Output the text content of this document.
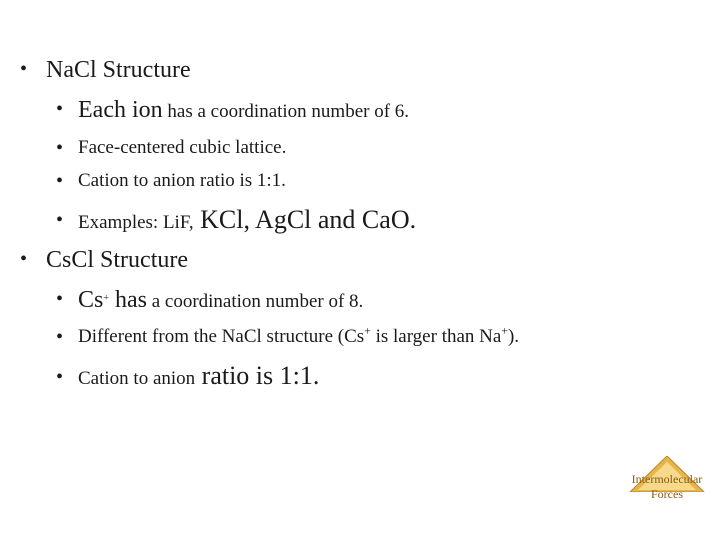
• NaCl Structure
• Each ion has a coordination number of 6.
• Face-centered cubic lattice.
• Cation to anion ratio is 1:1.
• Examples: LiF, KCl, AgCl and CaO.
• CsCl Structure
• Cs+ has a coordination number of 8.
• Different from the NaCl structure (Cs+ is larger than Na+).
• Cation to anion ratio is 1:1.
Intermolecular
Forces
